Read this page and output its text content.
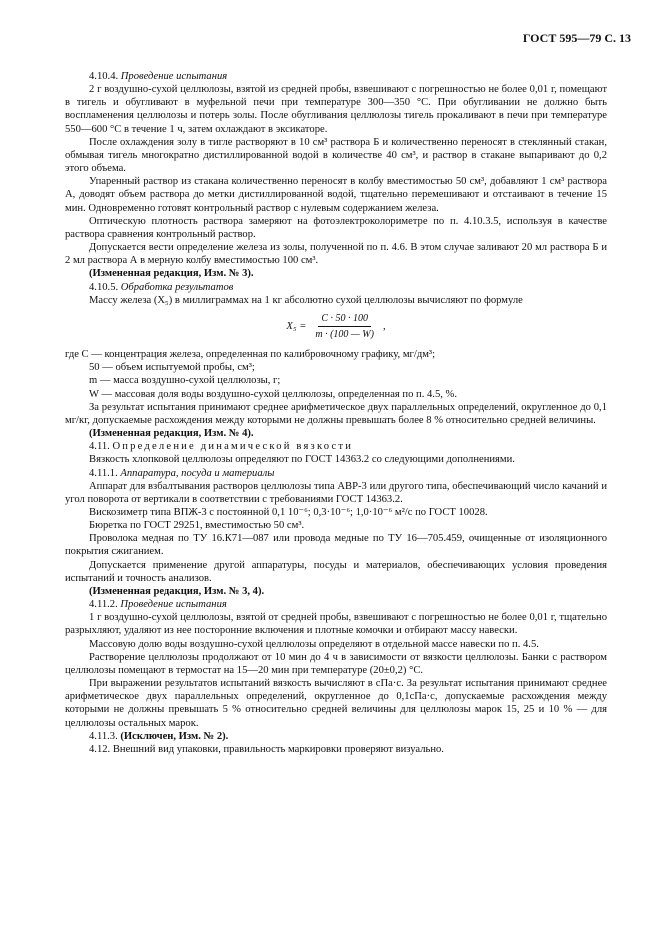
ГОСТ 595—79 С. 13

4.10.4. Проведение испытания

2 г воздушно-сухой целлюлозы, взятой из средней пробы, взвешивают с погрешностью не более 0,01 г, помещают в тигель и обугливают в муфельной печи при температуре 300—350 °С. При обугливании не должно быть воспламенения целлюлозы и потерь золы. После обугливания целлюлозы тигель прокаливают в печи при температуре 550—600 °С в течение 1 ч, затем охлаждают в эксикаторе.

После охлаждения золу в тигле растворяют в 10 см³ раствора Б и количественно переносят в стеклянный стакан, обмывая тигель многократно дистиллированной водой в количестве 40 см³, и раствор в стакане выпаривают до 0,2 этого объема.

Упаренный раствор из стакана количественно переносят в колбу вместимостью 50 см³, добавляют 1 см³ раствора А, доводят объем раствора до метки дистиллированной водой, тщательно перемешивают и отстаивают в течение 15 мин. Одновременно готовят контрольный раствор с нулевым содержанием железа.

Оптическую плотность раствора замеряют на фотоэлектроколориметре по п. 4.10.3.5, используя в качестве раствора сравнения контрольный раствор.

Допускается вести определение железа из золы, полученной по п. 4.6. В этом случае заливают 20 мл раствора Б и 2 мл раствора А в мерную колбу вместимостью 100 см³.

(Измененная редакция, Изм. № 3).

4.10.5. Обработка результатов

Массу железа (X₅) в миллиграммах на 1 кг абсолютно сухой целлюлозы вычисляют по формуле

$X_5 = \frac{C \cdot 50 \cdot 100}{m \cdot (100 — W)}$ ,

где С — концентрация железа, определенная по калибровочному графику, мг/дм³;

50 — объем испытуемой пробы, см³;

m — масса воздушно-сухой целлюлозы, г;

W — массовая доля воды воздушно-сухой целлюлозы, определенная по п. 4.5, %.

За результат испытания принимают среднее арифметическое двух параллельных определений, округленное до 0,1 мг/кг, допускаемые расхождения между которыми не должны превышать более 8 % относительно средней величины.

(Измененная редакция, Изм. № 4).

4.11. Определение динамической вязкости

Вязкость хлопковой целлюлозы определяют по ГОСТ 14363.2 со следующими дополнениями.

4.11.1. Аппаратура, посуда и материалы

Аппарат для взбалтывания растворов целлюлозы типа АВР-3 или другого типа, обеспечивающий число качаний и угол поворота от вертикали в соответствии с требованиями ГОСТ 14363.2.

Вискозиметр типа ВПЖ-3 с постоянной 0,1 10⁻⁶; 0,3·10⁻⁶; 1,0·10⁻⁶ м²/с по ГОСТ 10028.

Бюретка по ГОСТ 29251, вместимостью 50 см³.

Проволока медная по ТУ 16.К71—087 или провода медные по ТУ 16—705.459, очищенные от изоляционного покрытия сжиганием.

Допускается применение другой аппаратуры, посуды и материалов, обеспечивающих условия проведения испытаний и точность анализов.

(Измененная редакция, Изм. № 3, 4).

4.11.2. Проведение испытания

1 г воздушно-сухой целлюлозы, взятой от средней пробы, взвешивают с погрешностью не более 0,01 г, тщательно разрыхляют, удаляют из нее посторонние включения и плотные комочки и отбирают массу навески.

Массовую долю воды воздушно-сухой целлюлозы определяют в отдельной массе навески по п. 4.5.

Растворение целлюлозы продолжают от 10 мин до 4 ч в зависимости от вязкости целлюлозы. Банки с раствором целлюлозы помещают в термостат на 15—20 мин при температуре (20±0,2) °С.

При выражении результатов испытаний вязкость вычисляют в сПа·с. За результат испытания принимают среднее арифметическое двух параллельных определений, округленное до 0,1сПа·с, допускаемые расхождения между которыми не должны превышать 5 % относительно средней величины для целлюлозы марок 15, 25 и 10 % — для целлюлозы остальных марок.

4.11.3. (Исключен, Изм. № 2).

4.12. Внешний вид упаковки, правильность маркировки проверяют визуально.
